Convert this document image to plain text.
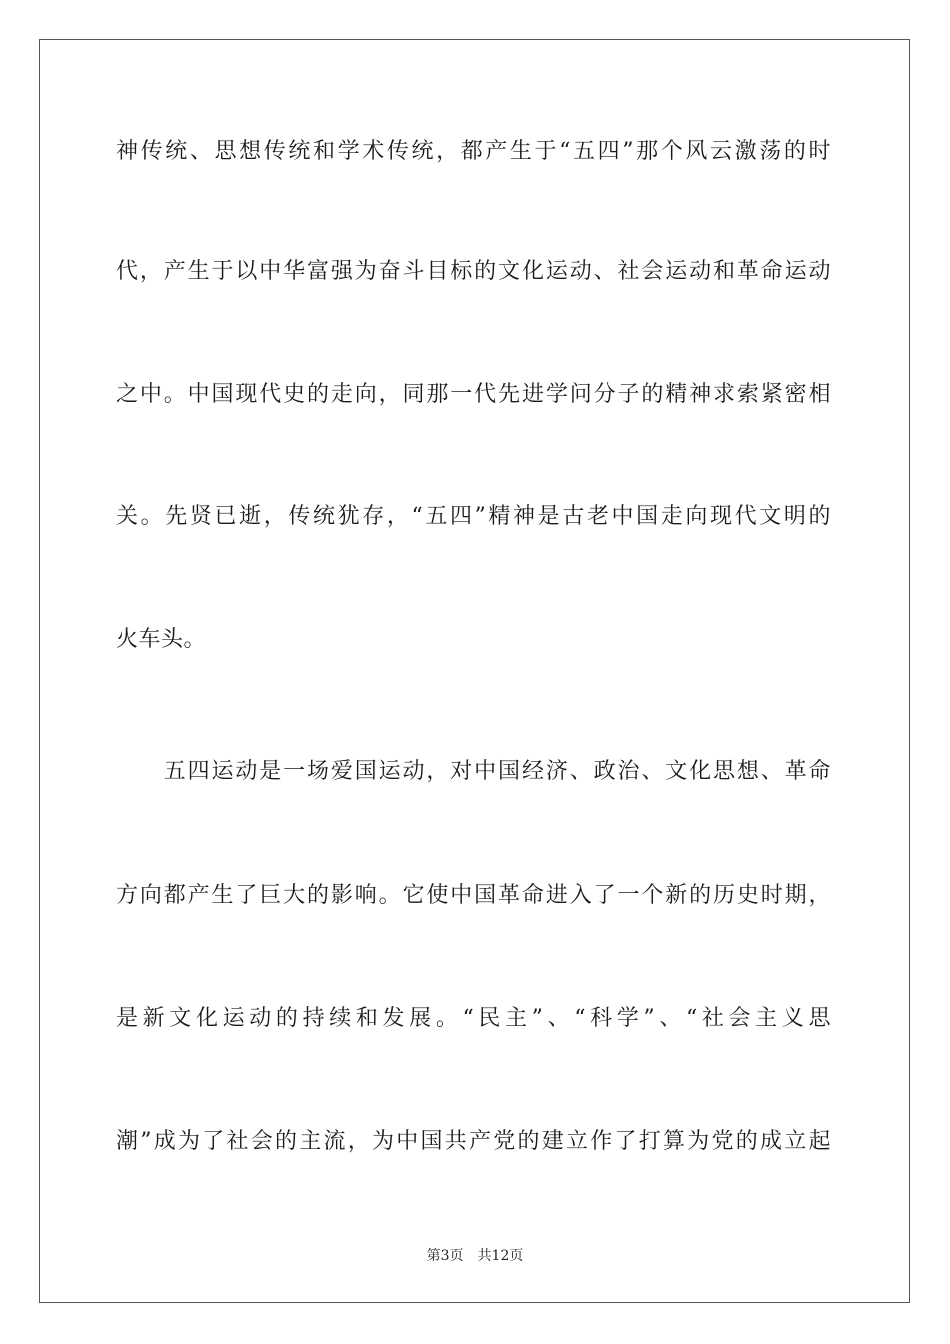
神传统、思想传统和学术传统，都产生于“五四”那个风云激荡的时
代，产生于以中华富强为奋斗目标的文化运动、社会运动和革命运动
之中。中国现代史的走向，同那一代先进学问分子的精神求索紧密相
关。先贤已逝，传统犹存，“五四”精神是古老中国走向现代文明的
火车头。
　　五四运动是一场爱国运动，对中国经济、政治、文化思想、革命
方向都产生了巨大的影响。它使中国革命进入了一个新的历史时期，
是新文化运动的持续和发展。“民主”、“科学”、“社会主义思
潮”成为了社会的主流，为中国共产党的建立作了打算为党的成立起
第3页 共12页
